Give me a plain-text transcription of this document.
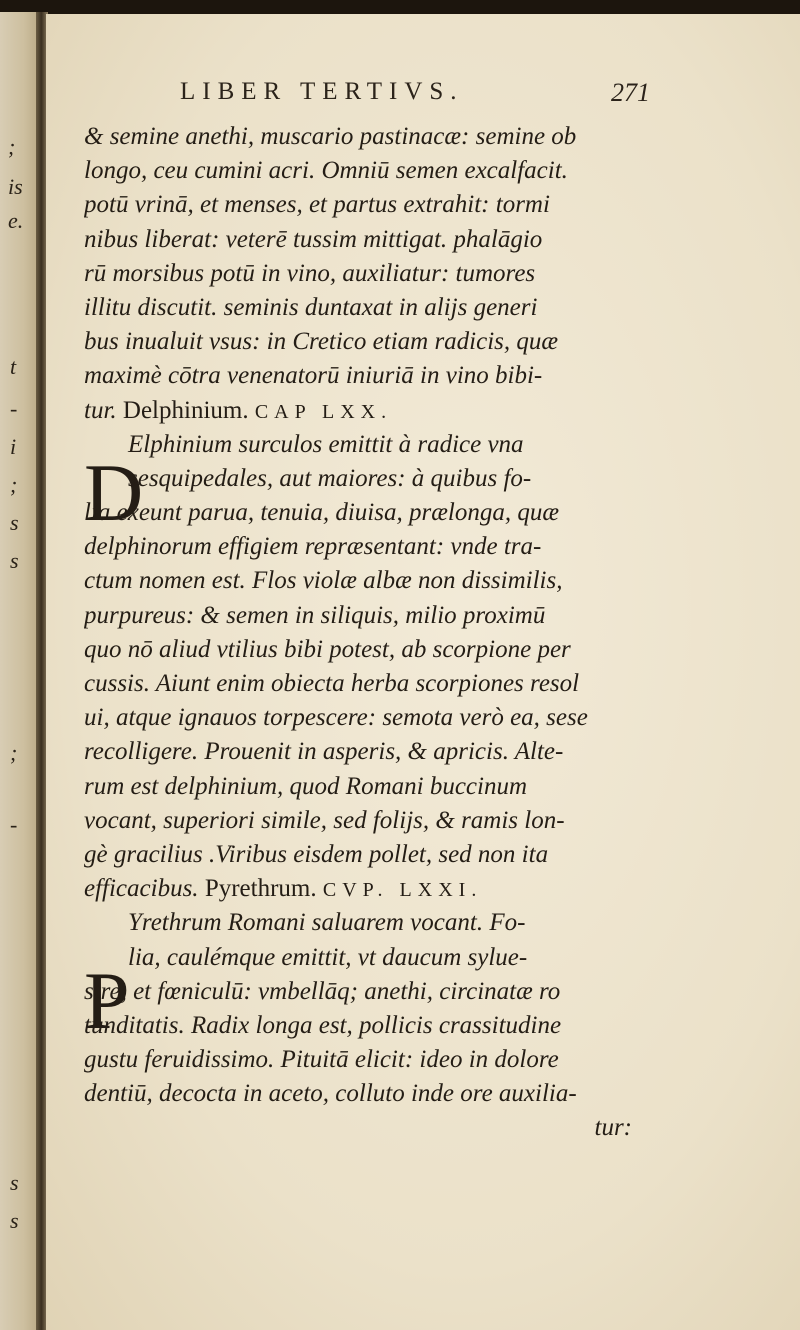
;
is
e.
t
-
i
;
s
s
;
-
s
s
LIBER TERTIVS.	271
D
P
& semine anethi, muscario pastinacæ: semine ob
longo, ceu cumini acri. Omniū semen excalfacit.
potū vrinā, et menses, et partus extrahit: tormi
nibus liberat: veterē tussim mittigat. phalāgio
rū morsibus potū in vino, auxiliatur: tumores
illitu discutit. seminis duntaxat in alijs generi
bus inualuit vsus: in Cretico etiam radicis, quæ
maximè cōtra venenatorū iniuriā in vino bibi-
tur. Delphinium. CAP LXX.
Elphinium surculos emittit à radice vna
sesquipedales, aut maiores: à quibus fo-
lia exeunt parua, tenuia, diuisa, prælonga, quæ
delphinorum effigiem repræsentant: vnde tra-
ctum nomen est. Flos violæ albæ non dissimilis,
purpureus: & semen in siliquis, milio proximū
quo nō aliud vtilius bibi potest, ab scorpione per
cussis. Aiunt enim obiecta herba scorpiones resol
ui, atque ignauos torpescere: semota verò ea, sese
recolligere. Prouenit in asperis, & apricis. Alte-
rum est delphinium, quod Romani buccinum
vocant, superiori simile, sed folijs, & ramis lon-
gè gracilius .Viribus eisdem pollet, sed non ita
efficacibus. Pyrethrum. CVP. LXXI.
Yrethrum Romani saluarem vocant. Fo-
lia, caulémque emittit, vt daucum sylue-
stre, et fœniculū: vmbellāq; anethi, circinatæ ro
tunditatis. Radix longa est, pollicis crassitudine
gustu feruidissimo. Pituitā elicit: ideo in dolore
dentiū, decocta in aceto, colluto inde ore auxilia-
tur:
